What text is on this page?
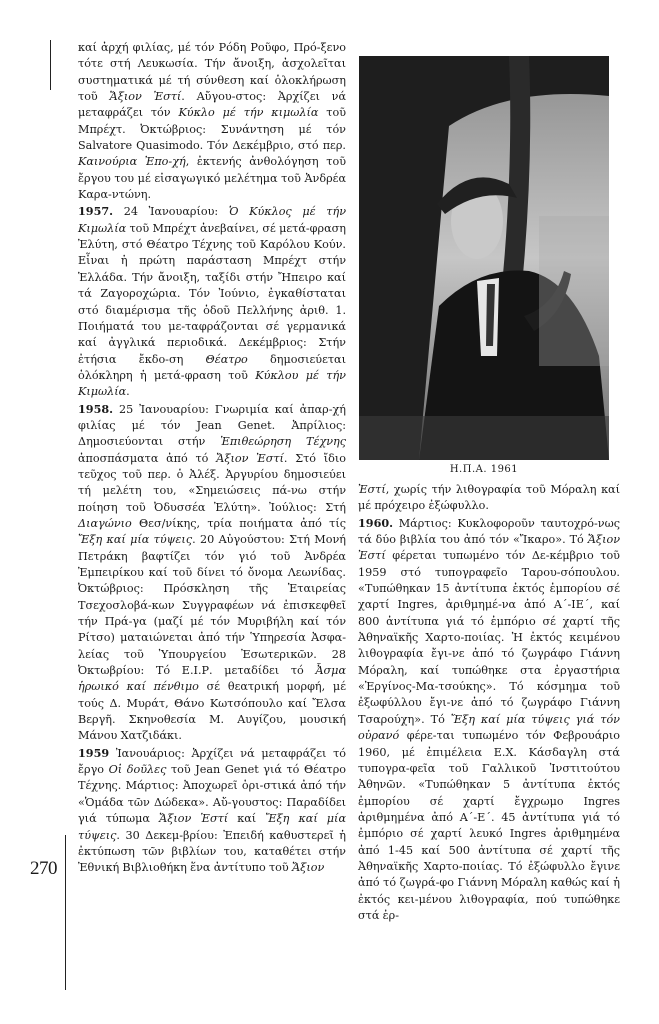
καί ἀρχή φιλίας, μέ τόν Ρόδη Ροῦφο, Πρό-ξενο τότε στή Λευκωσία. Τήν ἄνοιξη, ἀσχολεῖται συστηματικά μέ τή σύνθεση καί ὁλοκλήρωση τοῦ Ἄξιον Ἐστί. Αὔγου-στος: Ἀρχίζει νά μεταφράζει τόν Κύκλο μέ τήν κιμωλία τοῦ Μπρέχτ. Ὀκτώβριος: Συνάντηση μέ τόν Salvatore Quasimodo. Τόν Δεκέμβριο, στό περ. Καινούρια Ἐπο-χή, ἐκτενής ἀνθολόγηση τοῦ ἔργου του μέ εἰσαγωγικό μελέτημα τοῦ Ἀνδρέα Καρα-ντώνη.

1957. 24 Ἰανουαρίου: Ὁ Κύκλος μέ τήν Κιμωλία τοῦ Μπρέχτ ἀνεβαίνει, σέ μετά-φραση Ἐλύτη, στό Θέατρο Τέχνης τοῦ Καρόλου Κούν. Εἶναι ἡ πρώτη παράσταση Μπρέχτ στήν Ἑλλάδα. Τήν ἄνοιξη, ταξίδι στήν Ἤπειρο καί τά Ζαγοροχώρια. Τόν Ἰούνιο, ἐγκαθίσταται στό διαμέρισμα τῆς ὁδοῦ Πελλήνης ἀριθ. 1. Ποιήματά του με-ταφράζονται σέ γερμανικά καί ἀγγλικά περιοδικά. Δεκέμβριος: Στήν ἐτήσια ἔκδο-ση Θέατρο δημοσιεύεται ὁλόκληρη ἡ μετά-φραση τοῦ Κύκλου μέ τήν Κιμωλία.

1958. 25 Ἰανουαρίου: Γνωριμία καί ἀπαρ-χή φιλίας μέ τόν Jean Genet. Ἀπρίλιος: Δημοσιεύονται στήν Ἐπιθεώρηση Τέχνης ἀποσπάσματα ἀπό τό Ἄξιον Ἐστί. Στό ἴδιο τεῦχος τοῦ περ. ὁ Ἀλέξ. Ἀργυρίου δημοσιεύει τή μελέτη του, «Σημειώσεις πά-νω στήν ποίηση τοῦ Ὀδυσσέα Ἐλύτη». Ἰούλιος: Στή Διαγώνιο Θεσ/νίκης, τρία ποιήματα ἀπό τίς Ἔξη καί μία τύψεις. 20 Αὐγούστου: Στή Μονή Πετράκη βαφτίζει τόν γιό τοῦ Ἀνδρέα Ἐμπειρίκου καί τοῦ δίνει τό ὄνομα Λεωνίδας. Ὀκτώβριος: Πρόσκληση τῆς Ἑταιρείας Τσεχοσλοβά-κων Συγγραφέων νά ἐπισκεφθεῖ τήν Πρά-γα (μαζί μέ τόν Μυριβήλη καί τόν Ρίτσο) ματαιώνεται ἀπό τήν Ὑπηρεσία Ἀσφα-λείας τοῦ Ὑπουργείου Ἐσωτερικῶν. 28 Ὀκτωβρίου: Τό Ε.Ι.Ρ. μεταδίδει τό Ἆσμα ἡρωικό καί πένθιμο σέ θεατρική μορφή, μέ τούς Δ. Μυράτ, Θάνο Κωτσόπουλο καί Ἔλσα Βεργῆ. Σκηνοθεσία Μ. Αυγίζου, μουσική Μάνου Χατζιδάκι.

1959 Ἰανουάριος: Ἀρχίζει νά μεταφράζει τό ἔργο Οἱ δοῦλες τοῦ Jean Genet γιά τό Θέατρο Τέχνης. Μάρτιος: Ἀποχωρεῖ ὁρι-στικά ἀπό τήν «Ὁμάδα τῶν Δώδεκα». Αὔ-γουστος: Παραδίδει γιά τύπωμα Ἄξιον Ἐστί καί Ἔξη καί μία τύψεις. 30 Δεκεμ-βρίου: Ἐπειδή καθυστερεῖ ἡ ἐκτύπωση τῶν βιβλίων του, καταθέτει στήν Ἐθνική Βιβλιοθήκη ἕνα ἀντίτυπο τοῦ Ἄξιον

Η.Π.Α. 1961

Ἐστί, χωρίς τήν λιθογραφία τοῦ Μόραλη καί μέ πρόχειρο ἐξώφυλλο.

1960. Μάρτιος: Κυκλοφοροῦν ταυτοχρό-νως τά δύο βιβλία του ἀπό τόν «Ἴκαρο». Τό Ἄξιον Ἐστί φέρεται τυπωμένο τόν Δε-κέμβριο τοῦ 1959 στό τυπογραφεῖο Ταρου-σόπουλου. «Τυπώθηκαν 15 ἀντίτυπα ἐκτός ἐμπορίου σέ χαρτί Ingres, ἀριθμημέ-να ἀπό Α΄-ΙΕ΄, καί 800 ἀντίτυπα γιά τό ἐμπόριο σέ χαρτί τῆς Ἀθηναϊκῆς Χαρτο-ποιίας. Ἡ ἐκτός κειμένου λιθογραφία ἔγι-νε ἀπό τό ζωγράφο Γιάννη Μόραλη, καί τυπώθηκε στα ἐργαστήρια «Ἐργίνος-Μα-τσούκης». Τό κόσμημα τοῦ ἐξωφύλλου ἔγι-νε ἀπό τό ζωγράφο Γιάννη Τσαρούχη». Τό Ἔξη καί μία τύψεις γιά τόν οὐρανό φέρε-ται τυπωμένο τόν Φεβρουάριο 1960, μέ ἐπιμέλεια Ε.Χ. Κάσδαγλη στά τυπογρα-φεῖα τοῦ Γαλλικοῦ Ἰνστιτούτου Ἀθηνῶν. «Τυπώθηκαν 5 ἀντίτυπα ἐκτός ἐμπορίου σέ χαρτί ἔγχρωμο Ingres ἀριθμημένα ἀπό Α΄-Ε΄. 45 ἀντίτυπα γιά τό ἐμπόριο σέ χαρτί λευκό Ingres ἀριθμημένα ἀπό 1-45 καί 500 ἀντίτυπα σέ χαρτί τῆς Ἀθηναϊκῆς Χαρτο-ποιίας. Τό ἐξώφυλλο ἔγινε ἀπό τό ζωγρά-φο Γιάννη Μόραλη καθώς καί ἡ ἐκτός κει-μένου λιθογραφία, πού τυπώθηκε στά ἐρ-

270
